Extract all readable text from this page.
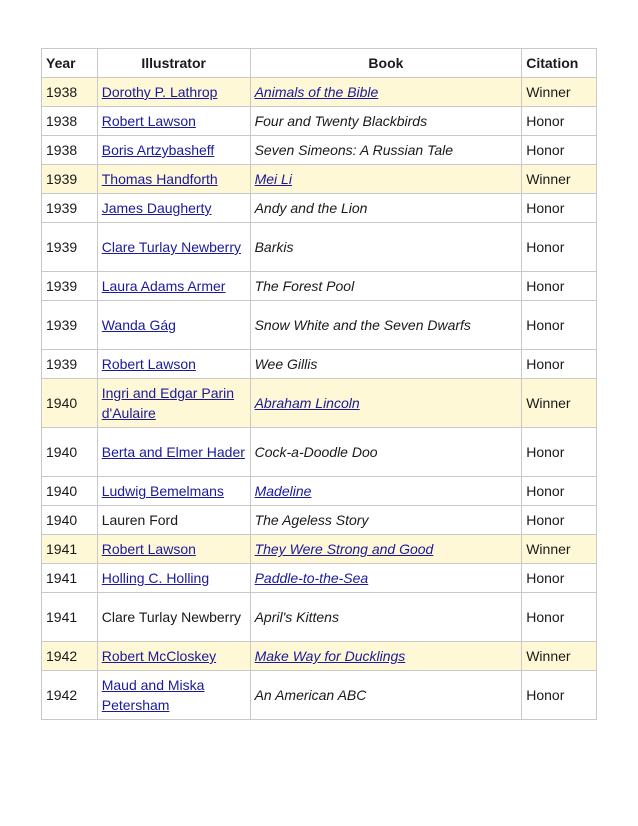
Year	Illustrator	Book	Citation
1938	Dorothy P. Lathrop	Animals of the Bible	Winner
1938	Robert Lawson	Four and Twenty Blackbirds	Honor
1938	Boris Artzybasheff	Seven Simeons: A Russian Tale	Honor
1939	Thomas Handforth	Mei Li	Winner
1939	James Daugherty	Andy and the Lion	Honor
1939	Clare Turlay Newberry	Barkis	Honor
1939	Laura Adams Armer	The Forest Pool	Honor
1939	Wanda Gág	Snow White and the Seven Dwarfs	Honor
1939	Robert Lawson	Wee Gillis	Honor
1940	Ingri and Edgar Parin d'Aulaire	Abraham Lincoln	Winner
1940	Berta and Elmer Hader	Cock-a-Doodle Doo	Honor
1940	Ludwig Bemelmans	Madeline	Honor
1940	Lauren Ford	The Ageless Story	Honor
1941	Robert Lawson	They Were Strong and Good	Winner
1941	Holling C. Holling	Paddle-to-the-Sea	Honor
1941	Clare Turlay Newberry	April's Kittens	Honor
1942	Robert McCloskey	Make Way for Ducklings	Winner
1942	Maud and Miska Petersham	An American ABC	Honor
